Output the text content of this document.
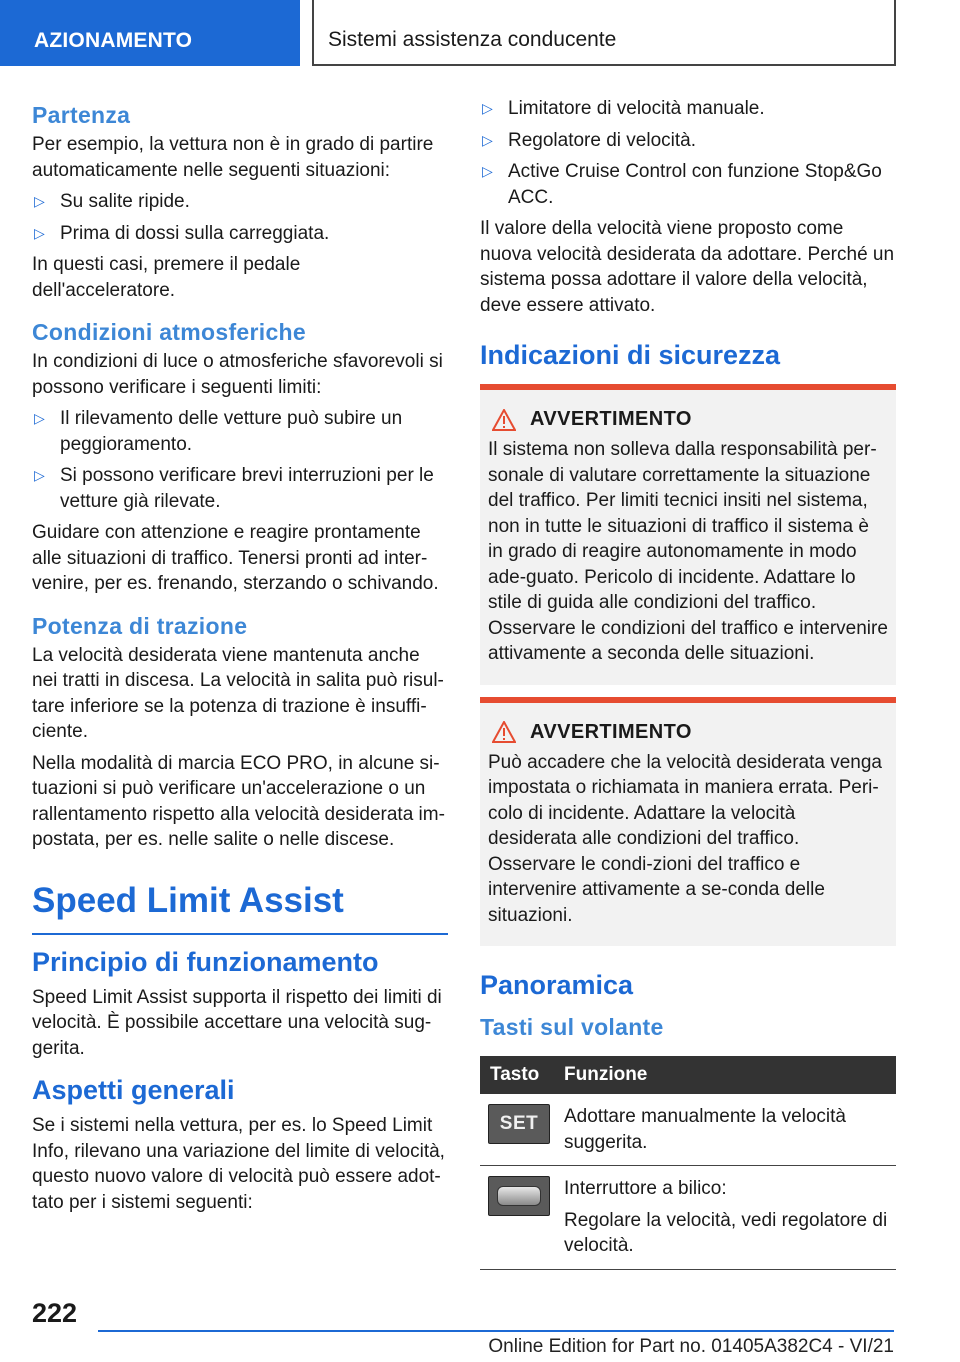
AZIONAMENTO	Sistemi assistenza conducente
Partenza

Per esempio, la vettura non è in grado di partire automaticamente nelle seguenti situazioni:

▷ Su salite ripide.
▷ Prima di dossi sulla carreggiata.

In questi casi, premere il pedale dell'acceleratore.

Condizioni atmosferiche

In condizioni di luce o atmosferiche sfavorevoli si possono verificare i seguenti limiti:

▷ Il rilevamento delle vetture può subire un peggioramento.
▷ Si possono verificare brevi interruzioni per le vetture già rilevate.

Guidare con attenzione e reagire prontamente alle situazioni di traffico. Tenersi pronti ad inter-venire, per es. frenando, sterzando o schivando.

Potenza di trazione

La velocità desiderata viene mantenuta anche nei tratti in discesa. La velocità in salita può risul-tare inferiore se la potenza di trazione è insuffi-ciente.

Nella modalità di marcia ECO PRO, in alcune si-tuazioni si può verificare un'accelerazione o un rallentamento rispetto alla velocità desiderata im-postata, per es. nelle salite o nelle discese.

Speed Limit Assist
Principio di funzionamento

Speed Limit Assist supporta il rispetto dei limiti di velocità. È possibile accettare una velocità sug-gerita.

Aspetti generali

Se i sistemi nella vettura, per es. lo Speed Limit Info, rilevano una variazione del limite di velocità, questo nuovo valore di velocità può essere adot-tato per i sistemi seguenti:

▷ Limitatore di velocità manuale.
▷ Regolatore di velocità.
▷ Active Cruise Control con funzione Stop&Go ACC.

Il valore della velocità viene proposto come nuova velocità desiderata da adottare. Perché un sistema possa adottare il valore della velocità, deve essere attivato.

Indicazioni di sicurezza
AVVERTIMENTO

Il sistema non solleva dalla responsabilità per-sonale di valutare correttamente la situazione del traffico. Per limiti tecnici insiti nel sistema, non in tutte le situazioni di traffico il sistema è in grado di reagire autonomamente in modo ade-guato. Pericolo di incidente. Adattare lo stile di guida alle condizioni del traffico. Osservare le condizioni del traffico e intervenire attivamente a seconda delle situazioni.

AVVERTIMENTO

Può accadere che la velocità desiderata venga impostata o richiamata in maniera errata. Peri-colo di incidente. Adattare la velocità desiderata alle condizioni del traffico. Osservare le condi-zioni del traffico e intervenire attivamente a se-conda delle situazioni.

Panoramica
Tasti sul volante
Tasto	Funzione
SET Adottare manualmente la velocità suggerita.

Interruttore a bilico:

Regolare la velocità, vedi regolatore di velocità.

222
Online Edition for Part no. 01405A382C4 - VI/21
